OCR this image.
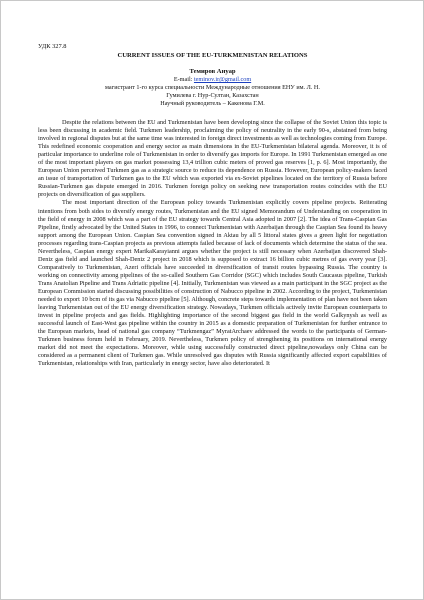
УДК 327.8
CURRENT ISSUES OF THE EU-TURKMENISTAN RELATIONS
Темиров Ануар
E-mail: teminov.ir@gmail.com
магистрант 1-го курса специальности Международные отношения ЕНУ им. Л. Н.
Гумилева г. Нур-Султан, Казахстан
Научный руководитель – Какенова Г.М.

Despite the relations between the EU and Turkmenistan have been developing since the collapse of the Soviet Union this topic is less been discussing in academic field. Turkmen leadership, proclaiming the policy of neutrality in the early 90-s, abstained from being involved in regional disputes but at the same time was interested in foreign direct investments as well as technologies coming from Europe. This redefined economic cooperation and energy sector as main dimensions in the EU-Turkmenistan bilateral agenda. Moreover, it is of particular importance to underline role of Turkmenistan in order to diversify gas imports for Europe. In 1991 Turkmenistan emerged as one of the most important players on gas market possessing 13,4 trillion cubic meters of proved gas reserves [1, p. 6]. Most importantly, the European Union perceived Turkmen gas as a strategic source to reduce its dependence on Russia. However, European policy-makers faced an issue of transportation of Turkmen gas to the EU which was exported via ex-Soviet pipelines located on the territory of Russia before Russian-Turkmen gas dispute emerged in 2016. Turkmen foreign policy on seeking new transportation routes coincides with the EU projects on diversification of gas suppliers.

The most important direction of the European policy towards Turkmenistan explicitly covers pipeline projects. Reiterating intentions from both sides to diversify energy routes, Turkmenistan and the EU signed Memorandum of Understanding on cooperation in the field of energy in 2008 which was a part of the EU strategy towards Central Asia adopted in 2007 [2]. The idea of Trans-Caspian Gas Pipeline, firstly advocated by the United States in 1996, to connect Turkmenistan with Azerbaijan through the Caspian Sea found its heavy support among the European Union. Caspian Sea convention signed in Aktau by all 5 littoral states gives a green light for negotiation processes regarding trans-Caspian projects as previous attempts failed because of lack of documents which determine the status of the sea. Nevertheless, Caspian energy expert MarikaKarayianni argues whether the project is still necessary when Azerbaijan discovered Shah-Deniz gas field and launched Shah-Deniz 2 project in 2018 which is supposed to extract 16 billion cubic metres of gas every year [3]. Comparatively to Turkmenistan, Azeri officials have succeeded in diversification of transit routes bypassing Russia. The country is working on connectivity among pipelines of the so-called Southern Gas Corridor (SGC) which includes South Caucasus pipeline, Turkish Trans Anatolian Pipeline and Trans Adriatic pipeline [4]. Initially, Turkmenistan was viewed as a main participant in the SGC project as the European Commission started discussing possibilities of construction of Nabucco pipeline in 2002. According to the project, Turkmenistan needed to export 10 bcm of its gas via Nabucco pipeline [5]. Although, concrete steps towards implementation of plan have not been taken leaving Turkmenistan out of the EU energy diversification strategy. Nowadays, Turkmen officials actively invite European counterparts to invest in pipeline projects and gas fields. Highlighting importance of the second biggest gas field in the world Galkynysh as well as successful launch of East-West gas pipeline within the country in 2015 as a domestic preparation of Turkmenistan for further entrance to the European markets, head of national gas company “Turkmengaz” MyratArchaev addressed the words to the participants of German-Turkmen business forum held in February, 2019. Nevertheless, Turkmen policy of strengthening its positions on international energy market did not meet the expectations. Moreover, while using successfully constructed direct pipeline,nowadays only China can be considered as a permanent client of Turkmen gas. While unresolved gas disputes with Russia significantly affected export capabilities of Turkmenistan, relationships with Iran, particularly in energy sector, have also deteriorated. It
